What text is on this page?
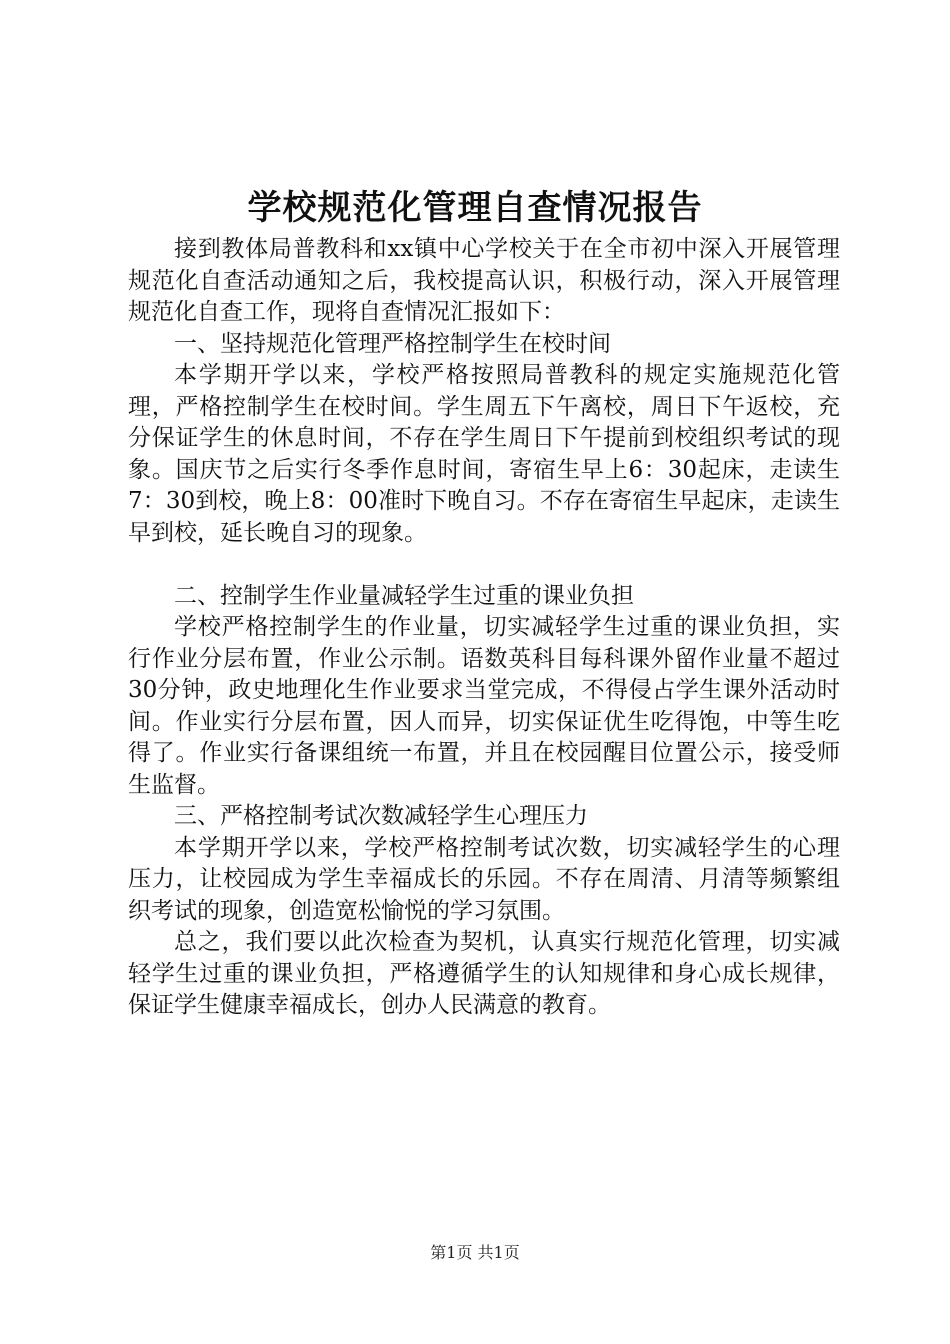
学校规范化管理自查情况报告

接到教体局普教科和xx镇中心学校关于在全市初中深入开展管理规范化自查活动通知之后，我校提高认识，积极行动，深入开展管理规范化自查工作，现将自查情况汇报如下：

一、坚持规范化管理严格控制学生在校时间

本学期开学以来，学校严格按照局普教科的规定实施规范化管理，严格控制学生在校时间。学生周五下午离校，周日下午返校，充分保证学生的休息时间，不存在学生周日下午提前到校组织考试的现象。国庆节之后实行冬季作息时间，寄宿生早上6：30起床，走读生7：30到校，晚上8：00准时下晚自习。不存在寄宿生早起床，走读生早到校，延长晚自习的现象。

二、控制学生作业量减轻学生过重的课业负担

学校严格控制学生的作业量，切实减轻学生过重的课业负担，实行作业分层布置，作业公示制。语数英科目每科课外留作业量不超过30分钟，政史地理化生作业要求当堂完成，不得侵占学生课外活动时间。作业实行分层布置，因人而异，切实保证优生吃得饱，中等生吃得了。作业实行备课组统一布置，并且在校园醒目位置公示，接受师生监督。

三、严格控制考试次数减轻学生心理压力

本学期开学以来，学校严格控制考试次数，切实减轻学生的心理压力，让校园成为学生幸福成长的乐园。不存在周清、月清等频繁组织考试的现象，创造宽松愉悦的学习氛围。

总之，我们要以此次检查为契机，认真实行规范化管理，切实减轻学生过重的课业负担，严格遵循学生的认知规律和身心成长规律，保证学生健康幸福成长，创办人民满意的教育。

第1页 共1页
